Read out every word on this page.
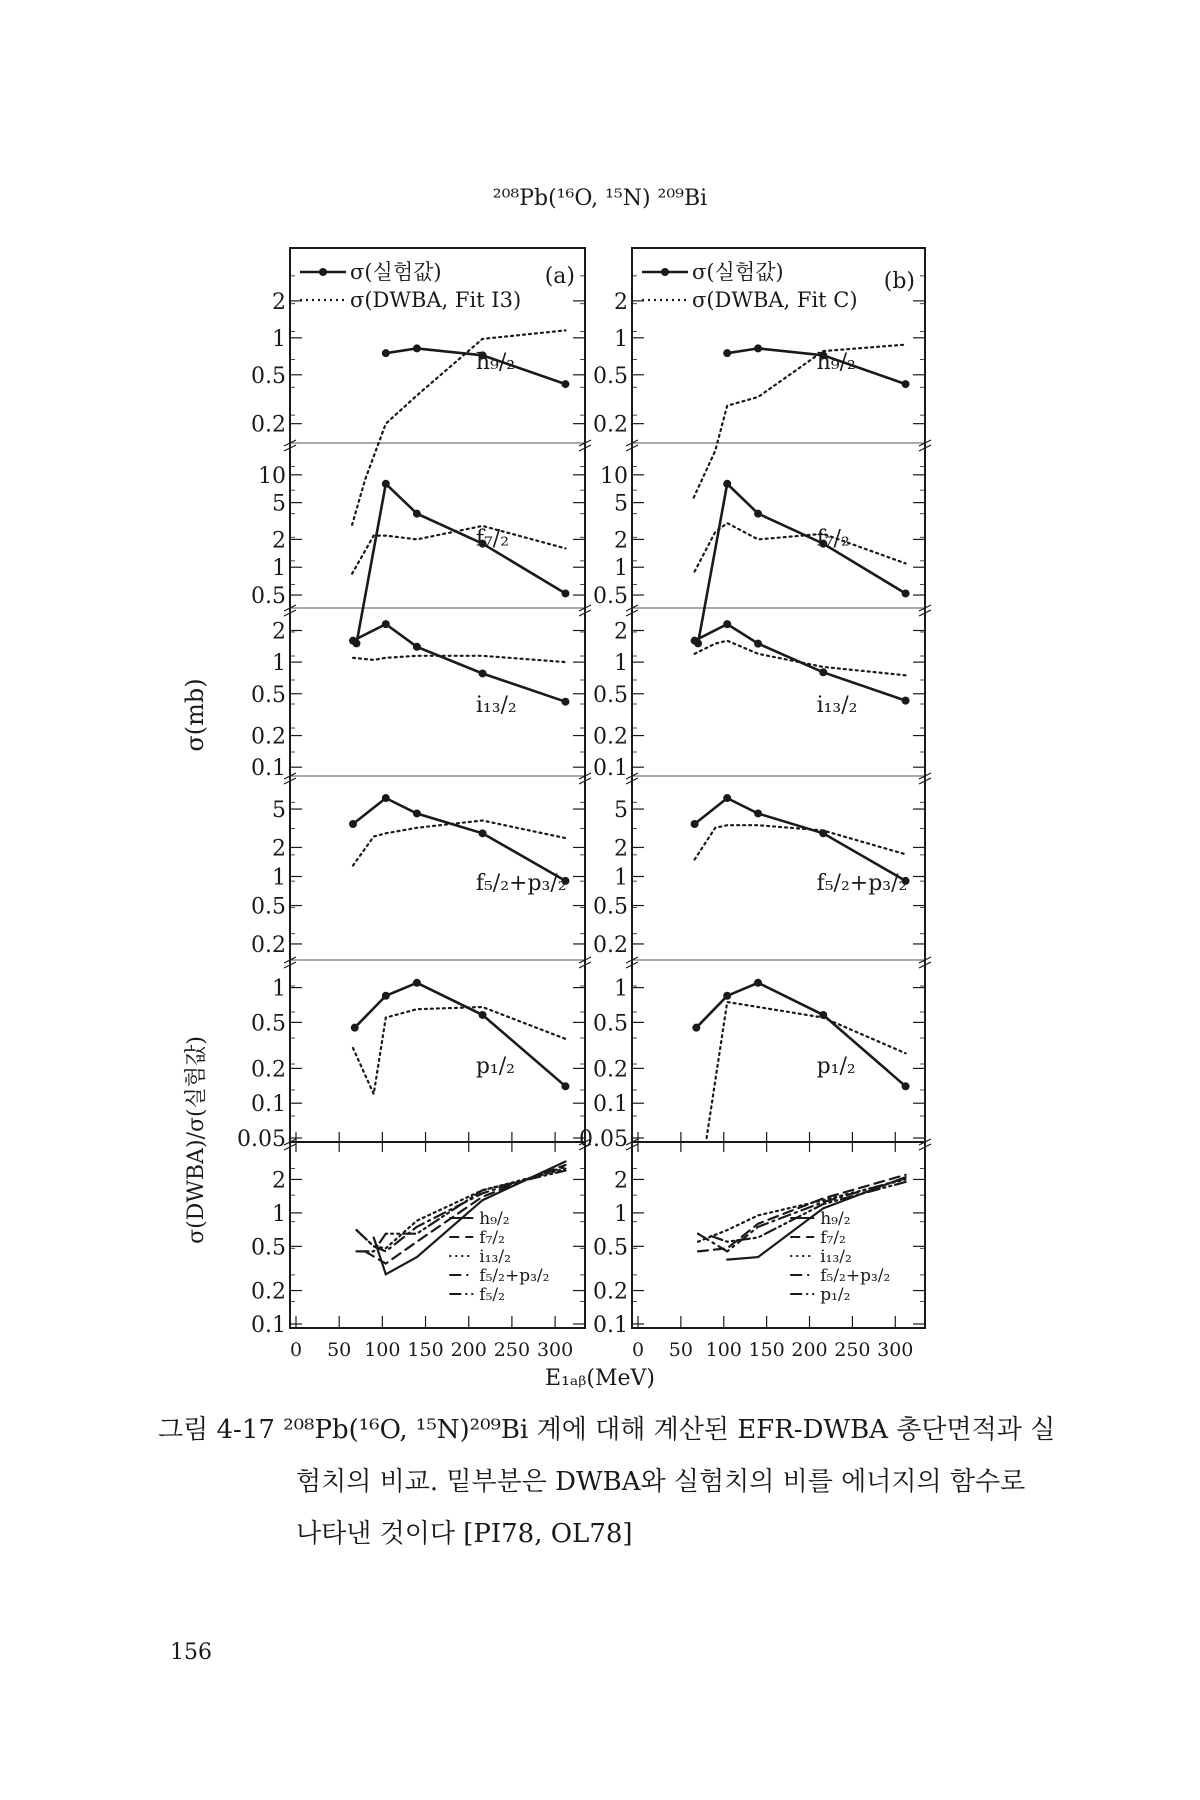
²⁰⁸Pb(¹⁶O, ¹⁵N) ²⁰⁹Bi
σ(mb)
σ(DWBA)/σ(실험값)
E₁ₐᵦ(MeV)
2
1
0.5
0.2
h₉/₂
10
5
2
1
0.5
f₇/₂
2
1
0.5
0.2
0.1
i₁₃/₂
5
2
1
0.5
0.2
f₅/₂+p₃/₂
1
0.5
0.2
0.1
0.05
p₁/₂
2
1
0.5
0.2
0.1
0 50 100 150 200 250 300
σ(실험값)
σ(DWBA, Fit I3)
(a)
h₉/₂
f₇/₂
i₁₃/₂
f₅/₂+p₃/₂
f₅/₂
2
1
0.5
0.2
h₉/₂
10
5
2
1
0.5
f₇/₂
2
1
0.5
0.2
0.1
i₁₃/₂
5
2
1
0.5
0.2
f₅/₂+p₃/₂
1
0.5
0.2
0.1
0.05
p₁/₂
2
1
0.5
0.2
0.1
0 50 100 150 200 250 300
σ(실험값)
σ(DWBA, Fit C)
(b)
h₉/₂
f₇/₂
i₁₃/₂
f₅/₂+p₃/₂
p₁/₂
그림 4-17 ²⁰⁸Pb(¹⁶O, ¹⁵N)²⁰⁹Bi 계에 대해 계산된 EFR-DWBA 총단면적과 실
험치의 비교. 밑부분은 DWBA와 실험치의 비를 에너지의 함수로
나타낸 것이다 [PI78, OL78]
156
